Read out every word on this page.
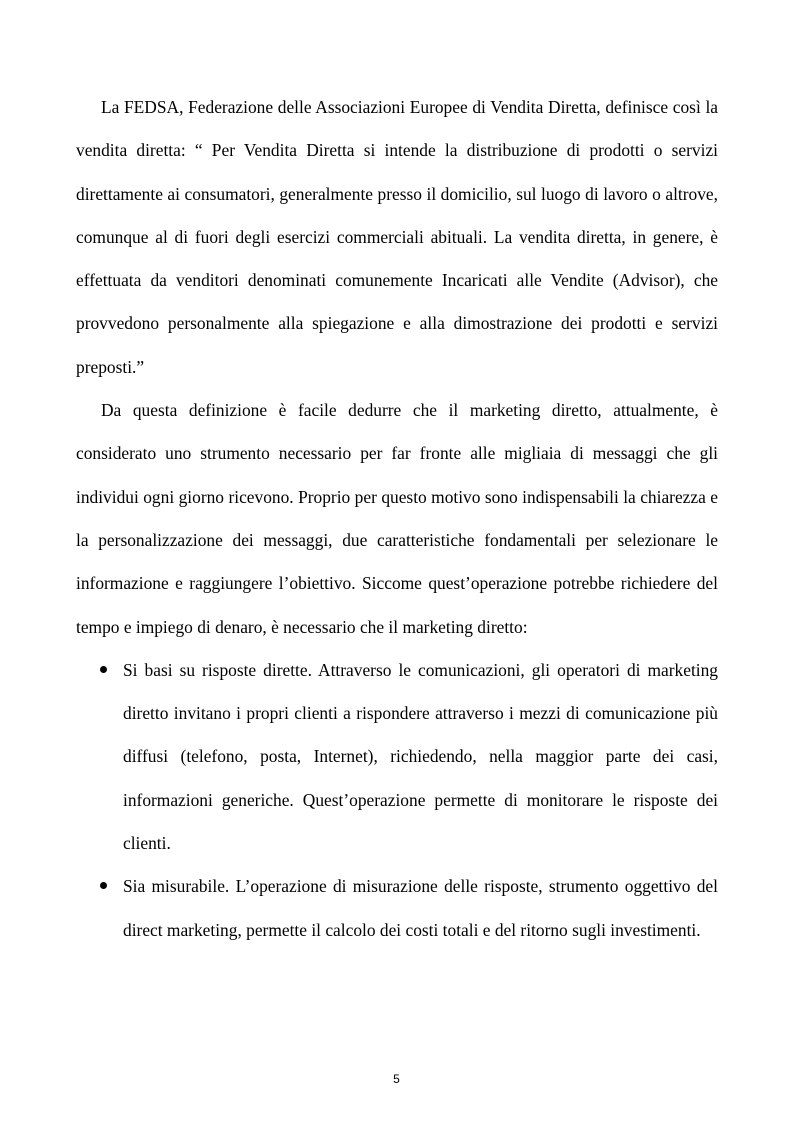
La FEDSA, Federazione delle Associazioni Europee di Vendita Diretta, definisce così la vendita diretta: “ Per Vendita Diretta si intende la distribuzione di prodotti o servizi direttamente ai consumatori, generalmente presso il domicilio, sul luogo di lavoro o altrove, comunque al di fuori degli esercizi commerciali abituali. La vendita diretta, in genere, è effettuata da venditori denominati comunemente Incaricati alle Vendite (Advisor), che provvedono personalmente alla spiegazione e alla dimostrazione dei prodotti e servizi preposti.”

Da questa definizione è facile dedurre che il marketing diretto, attualmente, è considerato uno strumento necessario per far fronte alle migliaia di messaggi che gli individui ogni giorno ricevono. Proprio per questo motivo sono indispensabili la chiarezza e la personalizzazione dei messaggi, due caratteristiche fondamentali per selezionare le informazione e raggiungere l’obiettivo. Siccome quest’operazione potrebbe richiedere del tempo e impiego di denaro, è necessario che il marketing diretto:

Si basi su risposte dirette. Attraverso le comunicazioni, gli operatori di marketing diretto invitano i propri clienti a rispondere attraverso i mezzi di comunicazione più diffusi (telefono, posta, Internet), richiedendo, nella maggior parte dei casi, informazioni generiche. Quest’operazione permette di monitorare le risposte dei clienti.
Sia misurabile. L’operazione di misurazione delle risposte, strumento oggettivo del direct marketing, permette il calcolo dei costi totali e del ritorno sugli investimenti.
5
